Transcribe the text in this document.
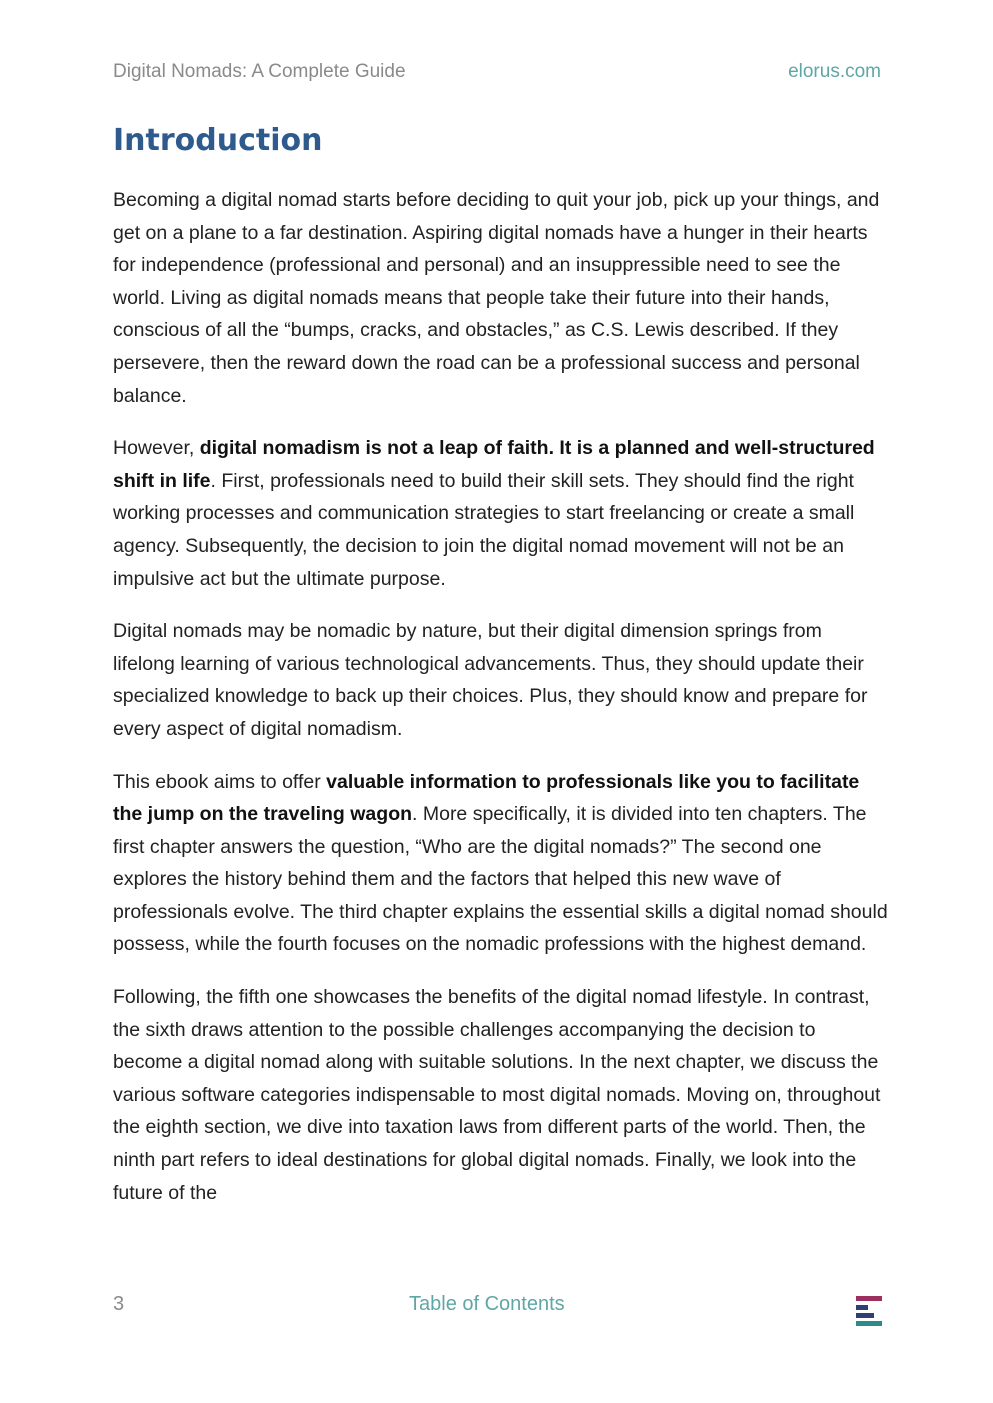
Digital Nomads: A Complete Guide	elorus.com
Introduction

Becoming a digital nomad starts before deciding to quit your job, pick up your things, and get on a plane to a far destination. Aspiring digital nomads have a hunger in their hearts for independence (professional and personal) and an insuppressible need to see the world. Living as digital nomads means that people take their future into their hands, conscious of all the “bumps, cracks, and obstacles,” as C.S. Lewis described. If they persevere, then the reward down the road can be a professional success and personal balance.

However, digital nomadism is not a leap of faith. It is a planned and well-structured shift in life. First, professionals need to build their skill sets. They should find the right working processes and communication strategies to start freelancing or create a small agency. Subsequently, the decision to join the digital nomad movement will not be an impulsive act but the ultimate purpose.

Digital nomads may be nomadic by nature, but their digital dimension springs from lifelong learning of various technological advancements. Thus, they should update their specialized knowledge to back up their choices. Plus, they should know and prepare for every aspect of digital nomadism.

This ebook aims to offer valuable information to professionals like you to facilitate the jump on the traveling wagon. More specifically, it is divided into ten chapters. The first chapter answers the question, “Who are the digital nomads?” The second one explores the history behind them and the factors that helped this new wave of professionals evolve. The third chapter explains the essential skills a digital nomad should possess, while the fourth focuses on the nomadic professions with the highest demand.

Following, the fifth one showcases the benefits of the digital nomad lifestyle. In contrast, the sixth draws attention to the possible challenges accompanying the decision to become a digital nomad along with suitable solutions. In the next chapter, we discuss the various software categories indispensable to most digital nomads. Moving on, throughout the eighth section, we dive into taxation laws from different parts of the world. Then, the ninth part refers to ideal destinations for global digital nomads. Finally, we look into the future of the

3	Table of Contents
